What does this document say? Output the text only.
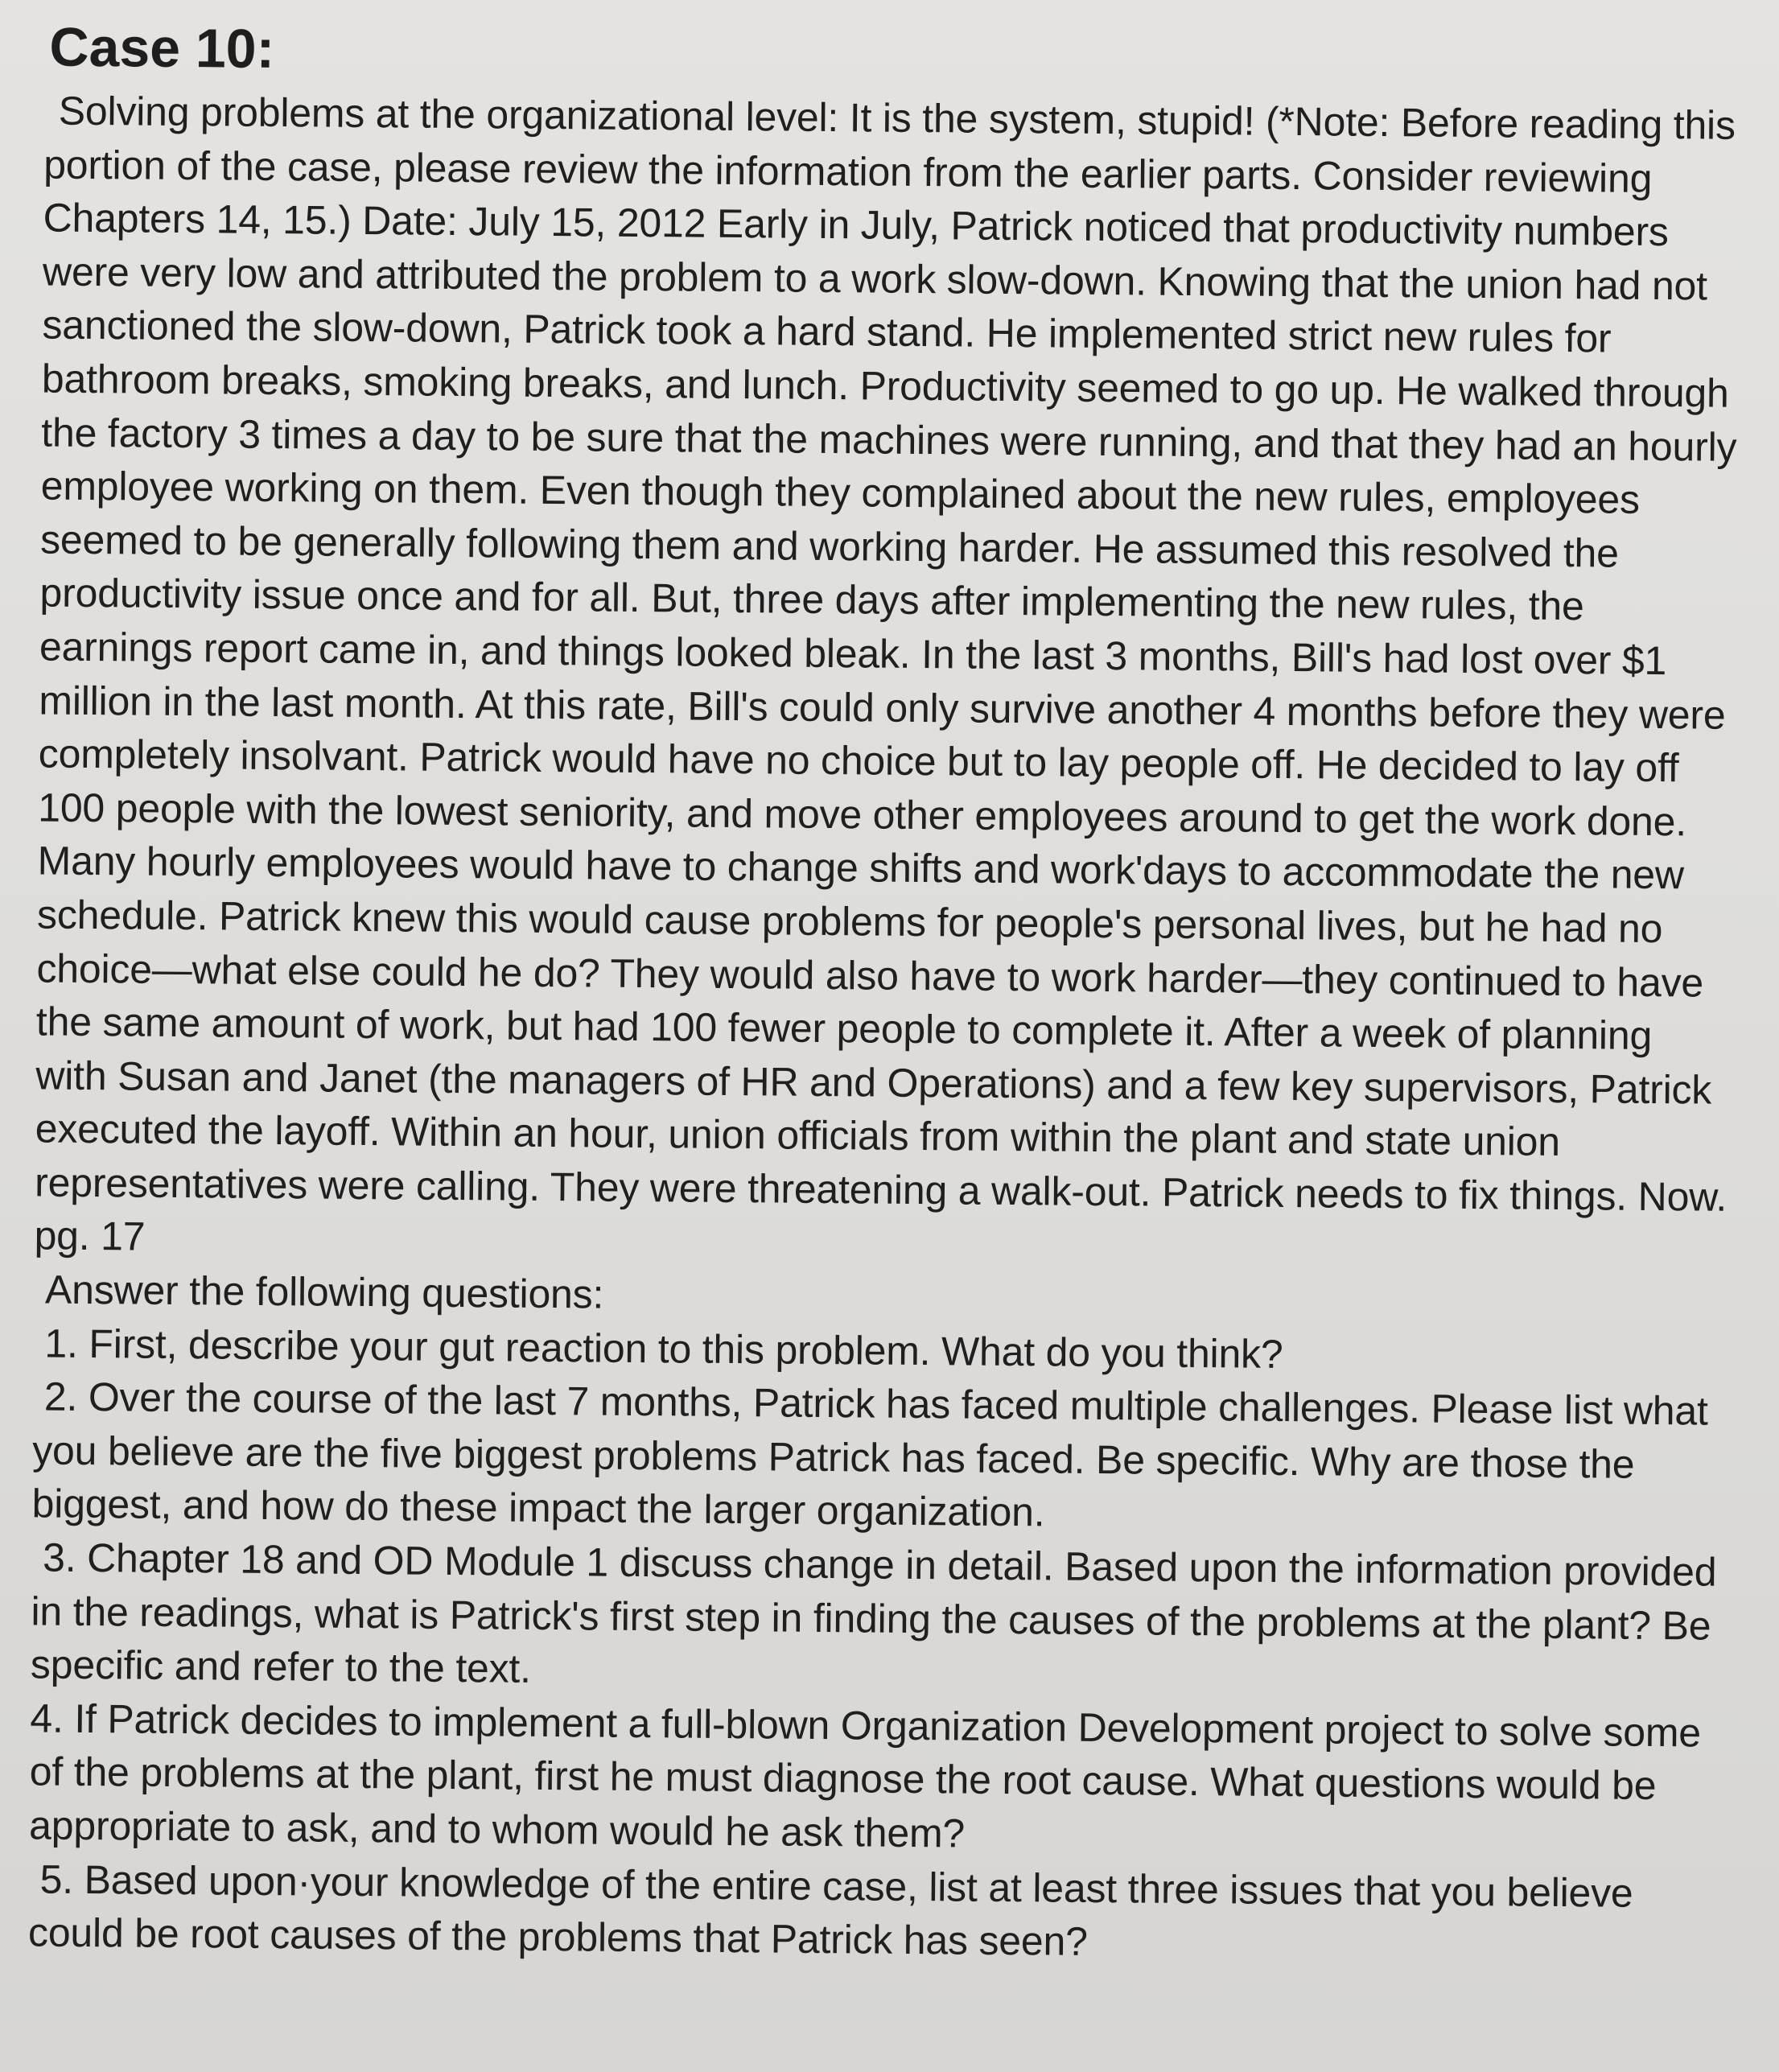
Case 10:
Solving problems at the organizational level: It is the system, stupid! (*Note: Before reading this
portion of the case, please review the information from the earlier parts. Consider reviewing
Chapters 14, 15.) Date: July 15, 2012 Early in July, Patrick noticed that productivity numbers
were very low and attributed the problem to a work slow-down. Knowing that the union had not
sanctioned the slow-down, Patrick took a hard stand. He implemented strict new rules for
bathroom breaks, smoking breaks, and lunch. Productivity seemed to go up. He walked through
the factory 3 times a day to be sure that the machines were running, and that they had an hourly
employee working on them. Even though they complained about the new rules, employees
seemed to be generally following them and working harder. He assumed this resolved the
productivity issue once and for all. But, three days after implementing the new rules, the
earnings report came in, and things looked bleak. In the last 3 months, Bill's had lost over $1
million in the last month. At this rate, Bill's could only survive another 4 months before they were
completely insolvant. Patrick would have no choice but to lay people off. He decided to lay off
100 people with the lowest seniority, and move other employees around to get the work done.
Many hourly employees would have to change shifts and work'days to accommodate the new
schedule. Patrick knew this would cause problems for people's personal lives, but he had no
choice—what else could he do? They would also have to work harder—they continued to have
the same amount of work, but had 100 fewer people to complete it. After a week of planning
with Susan and Janet (the managers of HR and Operations) and a few key supervisors, Patrick
executed the layoff. Within an hour, union officials from within the plant and state union
representatives were calling. They were threatening a walk-out. Patrick needs to fix things. Now.
pg. 17
Answer the following questions:
1. First, describe your gut reaction to this problem. What do you think?
2. Over the course of the last 7 months, Patrick has faced multiple challenges. Please list what
you believe are the five biggest problems Patrick has faced. Be specific. Why are those the
biggest, and how do these impact the larger organization.
3. Chapter 18 and OD Module 1 discuss change in detail. Based upon the information provided
in the readings, what is Patrick's first step in finding the causes of the problems at the plant? Be
specific and refer to the text.
4. If Patrick decides to implement a full-blown Organization Development project to solve some
of the problems at the plant, first he must diagnose the root cause. What questions would be
appropriate to ask, and to whom would he ask them?
5. Based upon·your knowledge of the entire case, list at least three issues that you believe
could be root causes of the problems that Patrick has seen?
